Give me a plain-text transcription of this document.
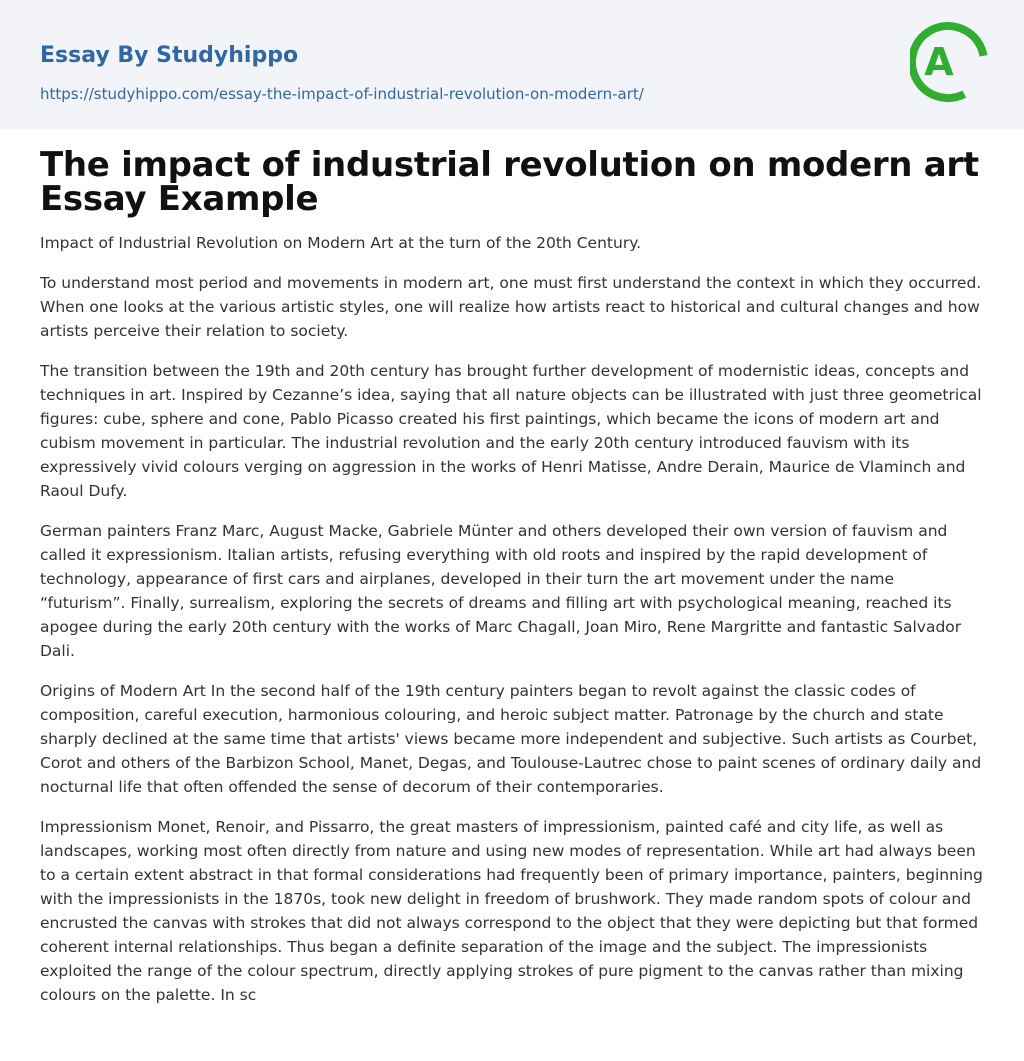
Essay By Studyhippo
https://studyhippo.com/essay-the-impact-of-industrial-revolution-on-modern-art/
A
The impact of industrial revolution on modern art Essay Example

Impact of Industrial Revolution on Modern Art at the turn of the 20th Century.

To understand most period and movements in modern art, one must first understand the context in which they occurred. When one looks at the various artistic styles, one will realize how artists react to historical and cultural changes and how artists perceive their relation to society.

The transition between the 19th and 20th century has brought further development of modernistic ideas, concepts and techniques in art. Inspired by Cezanne’s idea, saying that all nature objects can be illustrated with just three geometrical figures: cube, sphere and cone, Pablo Picasso created his first paintings, which became the icons of modern art and cubism movement in particular. The industrial revolution and the early 20th century introduced fauvism with its expressively vivid colours verging on aggression in the works of Henri Matisse, Andre Derain, Maurice de Vlaminch and Raoul Dufy.

German painters Franz Marc, August Macke, Gabriele Münter and others developed their own version of fauvism and called it expressionism. Italian artists, refusing everything with old roots and inspired by the rapid development of technology, appearance of first cars and airplanes, developed in their turn the art movement under the name “futurism”. Finally, surrealism, exploring the secrets of dreams and filling art with psychological meaning, reached its apogee during the early 20th century with the works of Marc Chagall, Joan Miro, Rene Margritte and fantastic Salvador Dali.

Origins of Modern Art In the second half of the 19th century painters began to revolt against the classic codes of composition, careful execution, harmonious colouring, and heroic subject matter. Patronage by the church and state sharply declined at the same time that artists' views became more independent and subjective. Such artists as Courbet, Corot and others of the Barbizon School, Manet, Degas, and Toulouse-Lautrec chose to paint scenes of ordinary daily and nocturnal life that often offended the sense of decorum of their contemporaries.

Impressionism Monet, Renoir, and Pissarro, the great masters of impressionism, painted café and city life, as well as landscapes, working most often directly from nature and using new modes of representation. While art had always been to a certain extent abstract in that formal considerations had frequently been of primary importance, painters, beginning with the impressionists in the 1870s, took new delight in freedom of brushwork. They made random spots of colour and encrusted the canvas with strokes that did not always correspond to the object that they were depicting but that formed coherent internal relationships. Thus began a definite separation of the image and the subject. The impressionists exploited the range of the colour spectrum, directly applying strokes of pure pigment to the canvas rather than mixing colours on the palette. In sc
